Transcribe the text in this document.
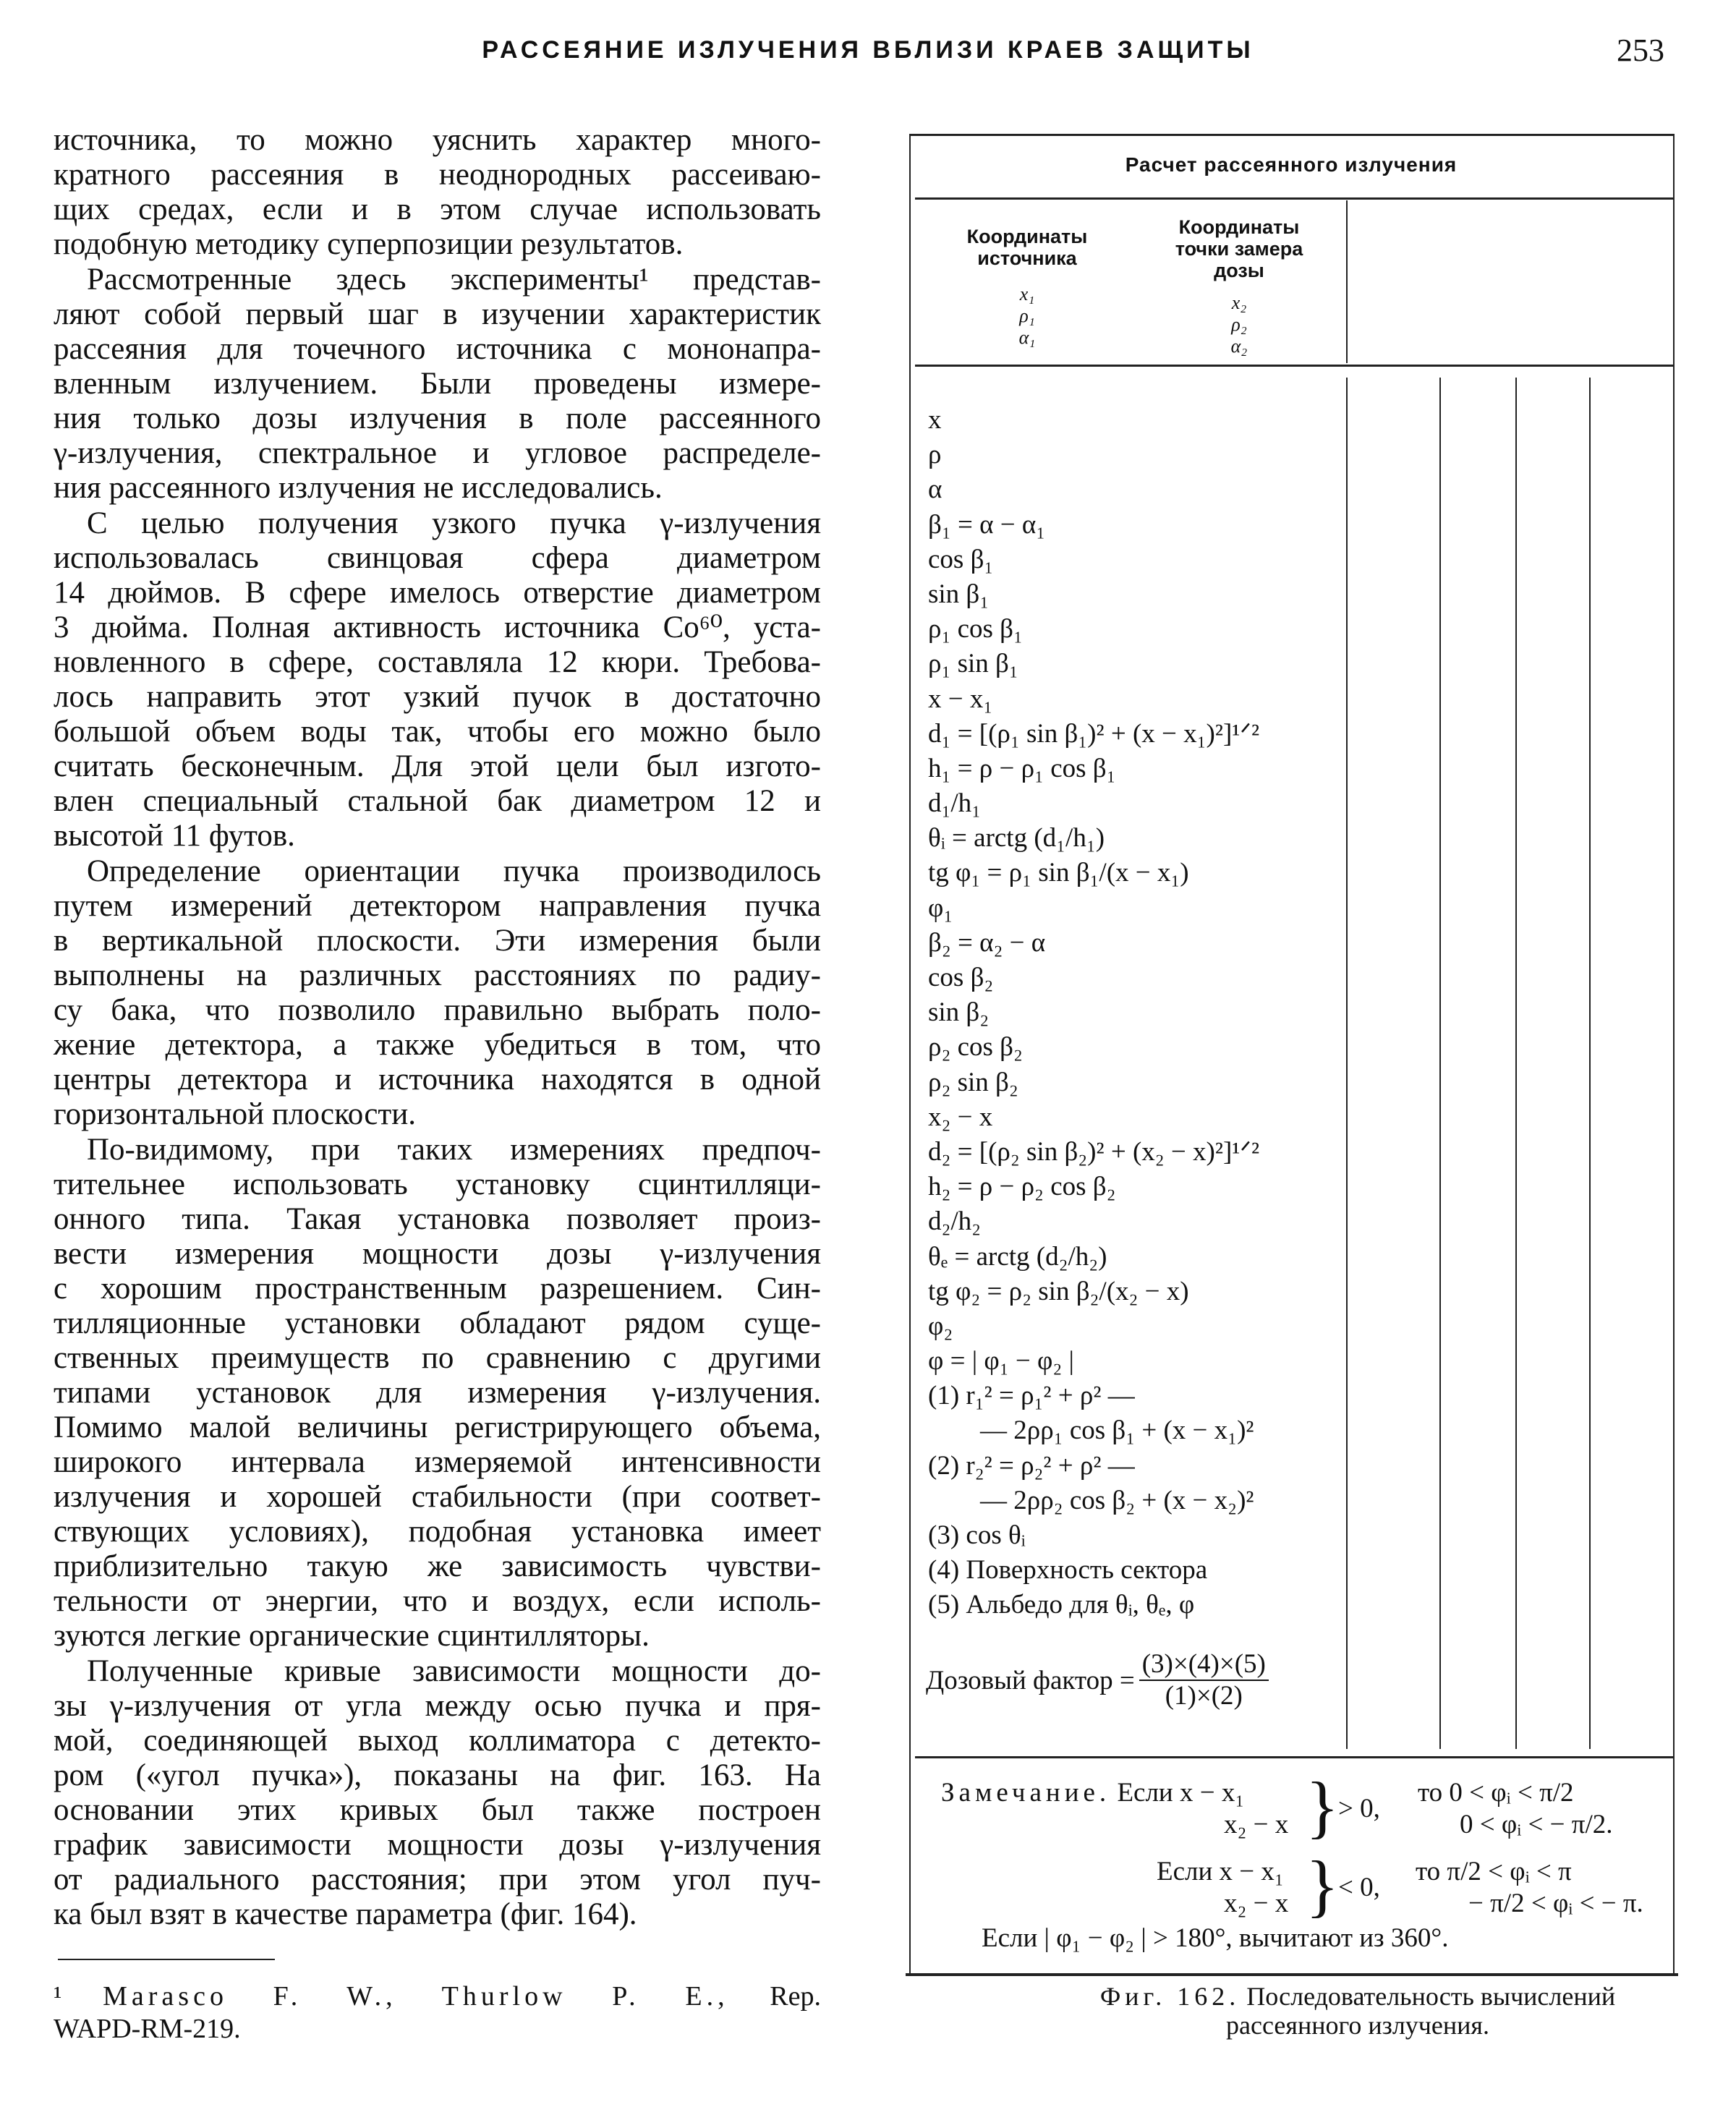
РАССЕЯНИЕ ИЗЛУЧЕНИЯ ВБЛИЗИ КРАЕВ ЗАЩИТЫ	253
источника, то можно уяснить характер много-
кратного рассеяния в неоднородных рассеиваю-
щих средах, если и в этом случае использовать
подобную методику суперпозиции результатов.
Рассмотренные здесь эксперименты¹ представ-
ляют собой первый шаг в изучении характеристик
рассеяния для точечного источника с мононапра-
вленным излучением. Были проведены измере-
ния только дозы излучения в поле рассеянного
γ-излучения, спектральное и угловое распределе-
ния рассеянного излучения не исследовались.
С целью получения узкого пучка γ-излучения
использовалась свинцовая сфера диаметром
14 дюймов. В сфере имелось отверстие диаметром
3 дюйма. Полная активность источника Co⁶⁰, уста-
новленного в сфере, составляла 12 кюри. Требова-
лось направить этот узкий пучок в достаточно
большой объем воды так, чтобы его можно было
считать бесконечным. Для этой цели был изгото-
влен специальный стальной бак диаметром 12 и
высотой 11 футов.
Определение ориентации пучка производилось
путем измерений детектором направления пучка
в вертикальной плоскости. Эти измерения были
выполнены на различных расстояниях по радиу-
су бака, что позволило правильно выбрать поло-
жение детектора, а также убедиться в том, что
центры детектора и источника находятся в одной
горизонтальной плоскости.
По-видимому, при таких измерениях предпоч-
тительнее использовать установку сцинтилляци-
онного типа. Такая установка позволяет произ-
вести измерения мощности дозы γ-излучения
с хорошим пространственным разрешением. Син-
тилляционные установки обладают рядом суще-
ственных преимуществ по сравнению с другими
типами установок для измерения γ-излучения.
Помимо малой величины регистрирующего объема,
широкого интервала измеряемой интенсивности
излучения и хорошей стабильности (при соответ-
ствующих условиях), подобная установка имеет
приблизительно такую же зависимость чувстви-
тельности от энергии, что и воздух, если исполь-
зуются легкие органические сцинтилляторы.
Полученные кривые зависимости мощности до-
зы γ-излучения от угла между осью пучка и пря-
мой, соединяющей выход коллиматора с детекто-
ром («угол пучка»), показаны на фиг. 163. На
основании этих кривых был также построен
график зависимости мощности дозы γ-излучения
от радиального расстояния; при этом угол пуч-
ка был взят в качестве параметра (фиг. 164).
¹ Marasco F. W., Thurlow P. E., Rep.
WAPD-RM-219.
Расчет рассеянного излучения
Координаты
источника
x₁
ρ₁
α₁
Координаты
точки замера
дозы
x₂
ρ₂
α₂
x
ρ
α
β₁ = α − α₁
cos β₁
sin β₁
ρ₁ cos β₁
ρ₁ sin β₁
x − x₁
d₁ = [(ρ₁ sin β₁)² + (x − x₁)²]¹ᐟ²
h₁ = ρ − ρ₁ cos β₁
d₁/h₁
θᵢ = arctg (d₁/h₁)
tg φ₁ = ρ₁ sin β₁/(x − x₁)
φ₁
β₂ = α₂ − α
cos β₂
sin β₂
ρ₂ cos β₂
ρ₂ sin β₂
x₂ − x
d₂ = [(ρ₂ sin β₂)² + (x₂ − x)²]¹ᐟ²
h₂ = ρ − ρ₂ cos β₂
d₂/h₂
θₑ = arctg (d₂/h₂)
tg φ₂ = ρ₂ sin β₂/(x₂ − x)
φ₂
φ = | φ₁ − φ₂ |
(1) r₁² = ρ₁² + ρ² —
— 2ρρ₁ cos β₁ + (x − x₁)²
(2) r₂² = ρ₂² + ρ² —
— 2ρρ₂ cos β₂ + (x − x₂)²
(3) cos θᵢ
(4) Поверхность сектора
(5) Альбедо для θᵢ, θₑ, φ
Дозовый фактор = $\frac{(3)\times(4)\times(5)}{(1)\times(2)}$
Замечание. Если x − x₁
x₂ − x }
> 0,
то 0 < φᵢ < π/2
0 < φᵢ < − π/2.
Если x − x₁
x₂ − x }
< 0,
то π/2 < φᵢ < π
− π/2 < φᵢ < − π.
Если | φ₁ − φ₂ | > 180°, вычитают из 360°.
Фиг. 162. Последовательность вычислений
рассеянного излучения.
